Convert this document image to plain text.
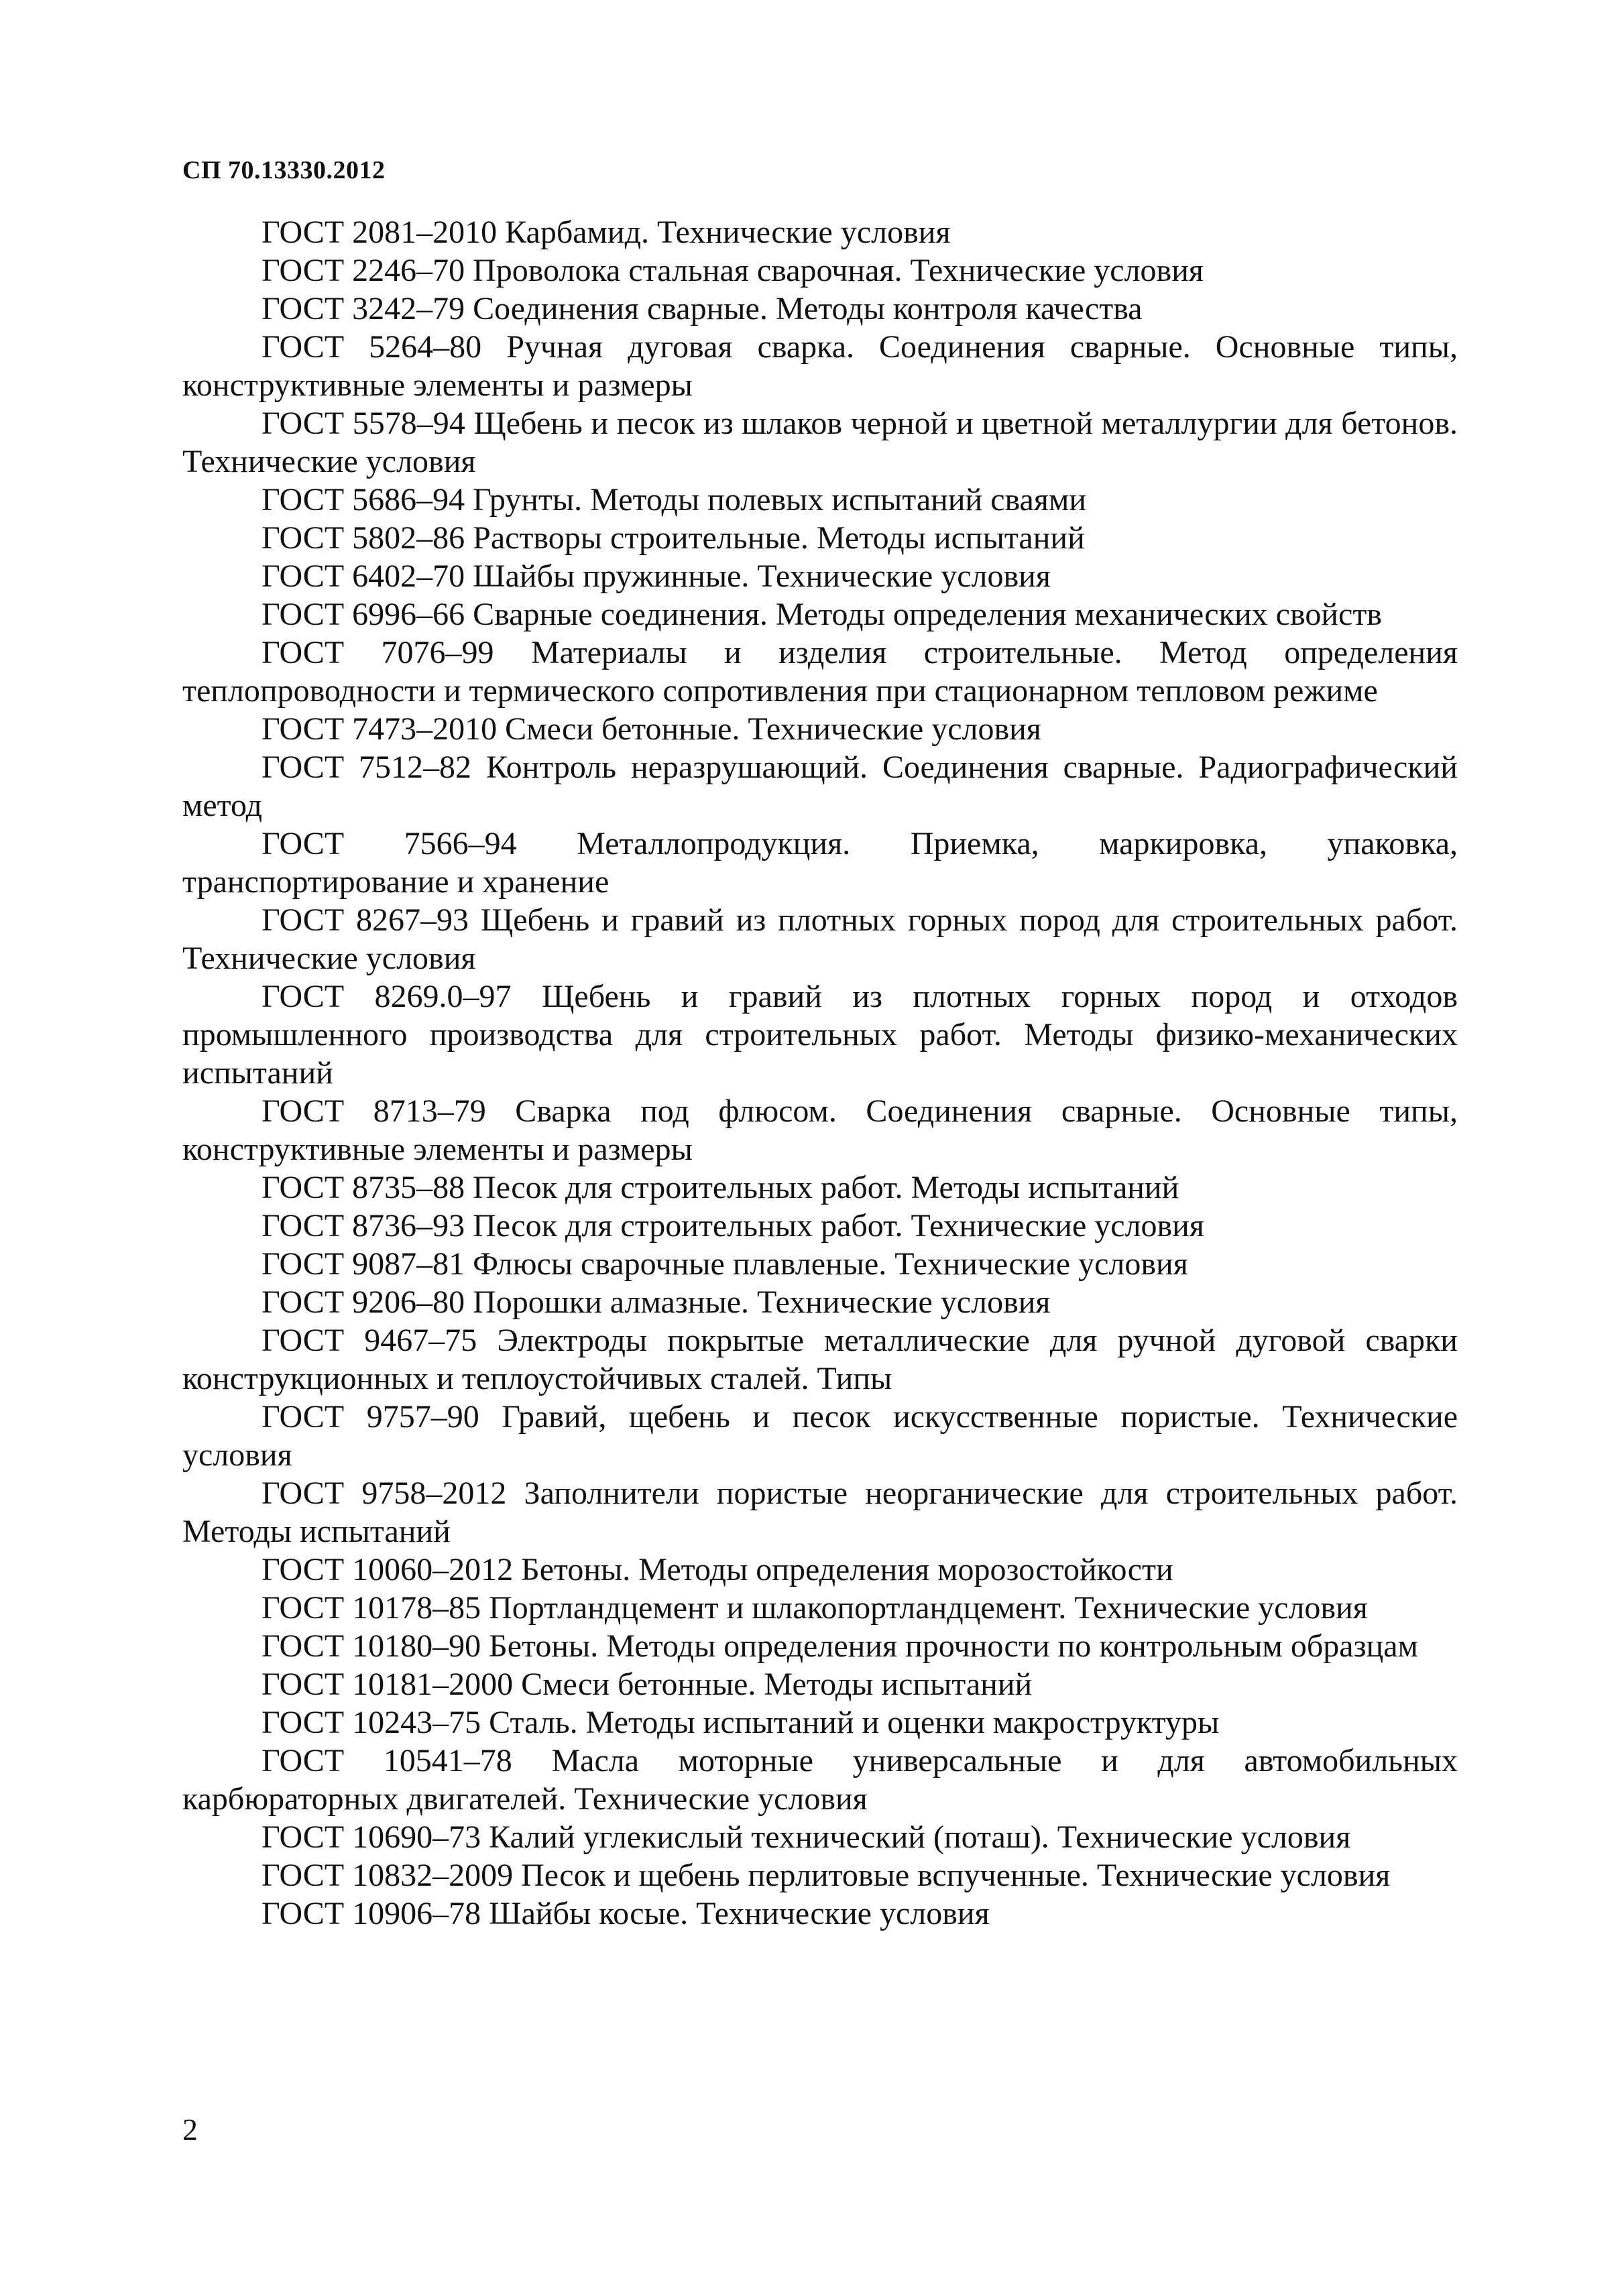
СП 70.13330.2012

ГОСТ 2081–2010 Карбамид. Технические условия

ГОСТ 2246–70 Проволока стальная сварочная. Технические условия

ГОСТ 3242–79 Соединения сварные. Методы контроля качества

ГОСТ 5264–80 Ручная дуговая сварка. Соединения сварные. Основные типы, конструктивные элементы и размеры

ГОСТ 5578–94 Щебень и песок из шлаков черной и цветной металлургии для бетонов. Технические условия

ГОСТ 5686–94 Грунты. Методы полевых испытаний сваями

ГОСТ 5802–86 Растворы строительные. Методы испытаний

ГОСТ 6402–70 Шайбы пружинные. Технические условия

ГОСТ 6996–66 Сварные соединения. Методы определения механических свойств

ГОСТ 7076–99 Материалы и изделия строительные. Метод определения теплопроводности и термического сопротивления при стационарном тепловом режиме

ГОСТ 7473–2010 Смеси бетонные. Технические условия

ГОСТ 7512–82 Контроль неразрушающий. Соединения сварные. Радиографический метод

ГОСТ 7566–94 Металлопродукция. Приемка, маркировка, упаковка, транспортирование и хранение

ГОСТ 8267–93 Щебень и гравий из плотных горных пород для строительных работ. Технические условия

ГОСТ 8269.0–97 Щебень и гравий из плотных горных пород и отходов промышленного производства для строительных работ. Методы физико-механических испытаний

ГОСТ 8713–79 Сварка под флюсом. Соединения сварные. Основные типы, конструктивные элементы и размеры

ГОСТ 8735–88 Песок для строительных работ. Методы испытаний

ГОСТ 8736–93 Песок для строительных работ. Технические условия

ГОСТ 9087–81 Флюсы сварочные плавленые. Технические условия

ГОСТ 9206–80 Порошки алмазные. Технические условия

ГОСТ 9467–75 Электроды покрытые металлические для ручной дуговой сварки конструкционных и теплоустойчивых сталей. Типы

ГОСТ 9757–90 Гравий, щебень и песок искусственные пористые. Технические условия

ГОСТ 9758–2012 Заполнители пористые неорганические для строительных работ. Методы испытаний

ГОСТ 10060–2012 Бетоны. Методы определения морозостойкости

ГОСТ 10178–85 Портландцемент и шлакопортландцемент. Технические условия

ГОСТ 10180–90 Бетоны. Методы определения прочности по контрольным образцам

ГОСТ 10181–2000 Смеси бетонные. Методы испытаний

ГОСТ 10243–75 Сталь. Методы испытаний и оценки макроструктуры

ГОСТ 10541–78 Масла моторные универсальные и для автомобильных карбюраторных двигателей. Технические условия

ГОСТ 10690–73 Калий углекислый технический (поташ). Технические условия

ГОСТ 10832–2009 Песок и щебень перлитовые вспученные. Технические условия

ГОСТ 10906–78 Шайбы косые. Технические условия

2
